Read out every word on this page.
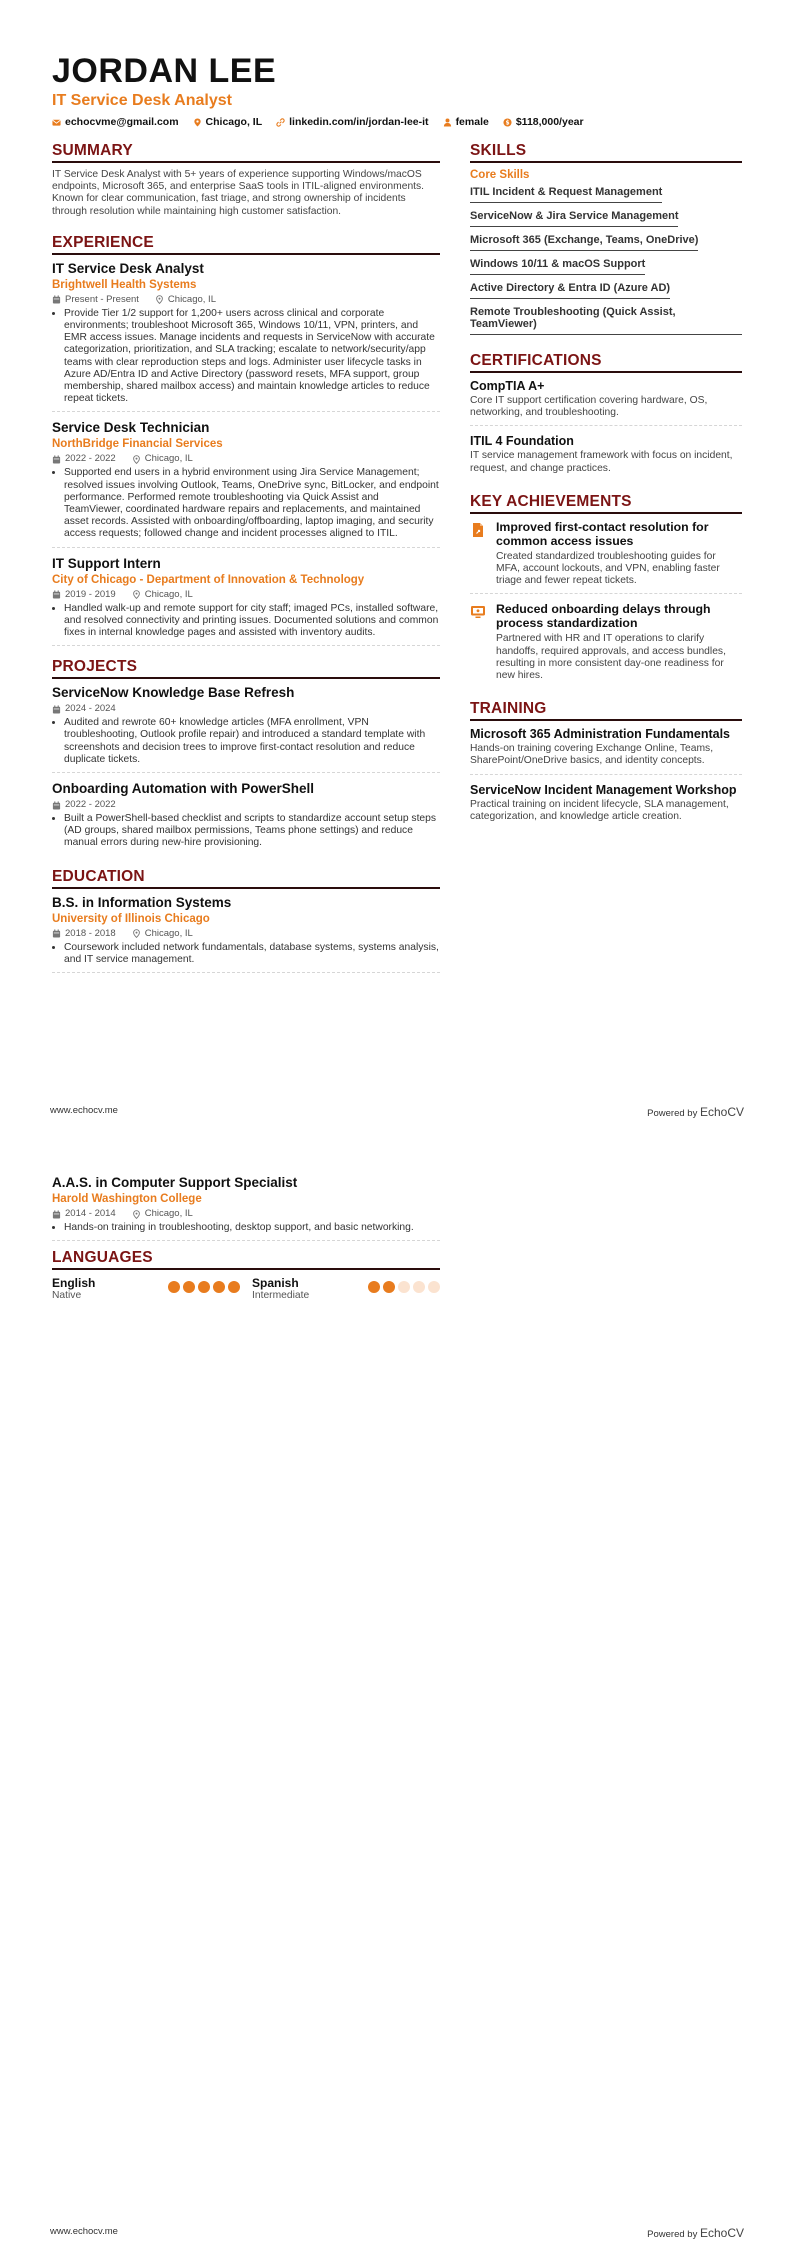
JORDAN LEE
IT Service Desk Analyst
echocvme@gmail.com	Chicago, IL	linkedin.com/in/jordan-lee-it	female	$ $118,000/year
SUMMARY
IT Service Desk Analyst with 5+ years of experience supporting Windows/macOS endpoints, Microsoft 365, and enterprise SaaS tools in ITIL-aligned environments. Known for clear communication, fast triage, and strong ownership of incidents through resolution while maintaining high customer satisfaction.
EXPERIENCE
IT Service Desk Analyst
Brightwell Health Systems
Present - Present	Chicago, IL
• Provide Tier 1/2 support for 1,200+ users across clinical and corporate environments; troubleshoot Microsoft 365, Windows 10/11, VPN, printers, and EMR access issues. Manage incidents and requests in ServiceNow with accurate categorization, prioritization, and SLA tracking; escalate to network/security/app teams with clear reproduction steps and logs. Administer user lifecycle tasks in Azure AD/Entra ID and Active Directory (password resets, MFA support, group membership, shared mailbox access) and maintain knowledge articles to reduce repeat tickets.
Service Desk Technician
NorthBridge Financial Services
2022 - 2022	Chicago, IL
• Supported end users in a hybrid environment using Jira Service Management; resolved issues involving Outlook, Teams, OneDrive sync, BitLocker, and endpoint performance. Performed remote troubleshooting via Quick Assist and TeamViewer, coordinated hardware repairs and replacements, and maintained asset records. Assisted with onboarding/offboarding, laptop imaging, and security access requests; followed change and incident processes aligned to ITIL.
IT Support Intern
City of Chicago - Department of Innovation & Technology
2019 - 2019	Chicago, IL
• Handled walk-up and remote support for city staff; imaged PCs, installed software, and resolved connectivity and printing issues. Documented solutions and common fixes in internal knowledge pages and assisted with inventory audits.
PROJECTS
ServiceNow Knowledge Base Refresh
2024 - 2024
• Audited and rewrote 60+ knowledge articles (MFA enrollment, VPN troubleshooting, Outlook profile repair) and introduced a standard template with screenshots and decision trees to improve first-contact resolution and reduce duplicate tickets.
Onboarding Automation with PowerShell
2022 - 2022
• Built a PowerShell-based checklist and scripts to standardize account setup steps (AD groups, shared mailbox permissions, Teams phone settings) and reduce manual errors during new-hire provisioning.
EDUCATION
B.S. in Information Systems
University of Illinois Chicago
2018 - 2018	Chicago, IL
• Coursework included network fundamentals, database systems, systems analysis, and IT service management.
SKILLS
Core Skills
ITIL Incident & Request Management
ServiceNow & Jira Service Management
Microsoft 365 (Exchange, Teams, OneDrive)
Windows 10/11 & macOS Support
Active Directory & Entra ID (Azure AD)
Remote Troubleshooting (Quick Assist, TeamViewer)
CERTIFICATIONS
CompTIA A+
Core IT support certification covering hardware, OS, networking, and troubleshooting.
ITIL 4 Foundation
IT service management framework with focus on incident, request, and change practices.
KEY ACHIEVEMENTS
Improved first-contact resolution for common access issues
Created standardized troubleshooting guides for MFA, account lockouts, and VPN, enabling faster triage and fewer repeat tickets.
Reduced onboarding delays through process standardization
Partnered with HR and IT operations to clarify handoffs, required approvals, and access bundles, resulting in more consistent day-one readiness for new hires.
TRAINING
Microsoft 365 Administration Fundamentals
Hands-on training covering Exchange Online, Teams, SharePoint/OneDrive basics, and identity concepts.
ServiceNow Incident Management Workshop
Practical training on incident lifecycle, SLA management, categorization, and knowledge article creation.
www.echocv.me	Powered by EchoCV
A.A.S. in Computer Support Specialist
Harold Washington College
2014 - 2014	Chicago, IL
• Hands-on training in troubleshooting, desktop support, and basic networking.
LANGUAGES
English
Native
Spanish
Intermediate
www.echocv.me	Powered by EchoCV
